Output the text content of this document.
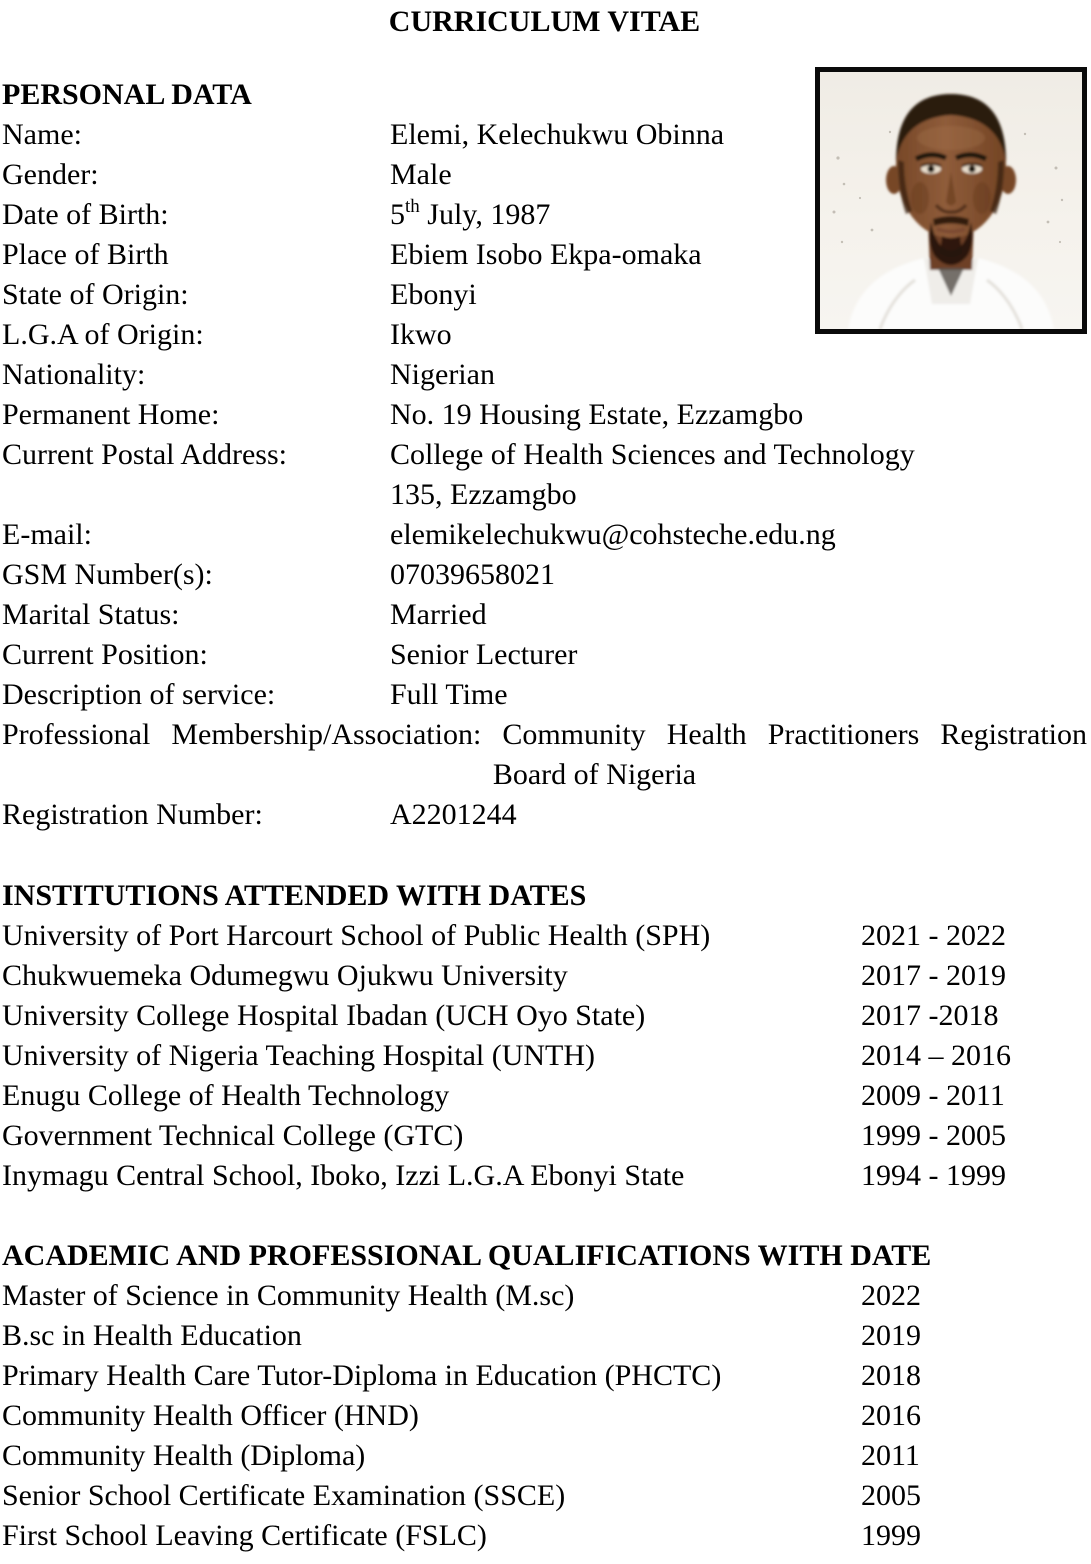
CURRICULUM VITAE
PERSONAL DATA
Name:	Elemi, Kelechukwu Obinna
Gender:	Male
Date of Birth:	5th July, 1987
Place of Birth	Ebiem Isobo Ekpa-omaka
State of Origin:	Ebonyi
L.G.A of Origin:	Ikwo
Nationality:	Nigerian
Permanent Home:	No. 19 Housing Estate, Ezzamgbo
Current Postal Address:	College of Health Sciences and Technology
135, Ezzamgbo
E-mail:	elemikelechukwu@cohsteche.edu.ng
GSM Number(s):	07039658021
Marital Status:	Married
Current Position:	Senior Lecturer
Description of service:	Full Time
Professional Membership/Association: Community Health Practitioners Registration
Board of Nigeria
Registration Number:	A2201244
INSTITUTIONS ATTENDED WITH DATES
University of Port Harcourt School of Public Health (SPH)	2021 - 2022
Chukwuemeka Odumegwu Ojukwu University	2017 - 2019
University College Hospital Ibadan (UCH Oyo State)	2017 -2018
University of Nigeria Teaching Hospital (UNTH)	2014 – 2016
Enugu College of Health Technology	2009 - 2011
Government Technical College (GTC)	1999 - 2005
Inymagu Central School, Iboko, Izzi L.G.A Ebonyi State	1994 - 1999
ACADEMIC AND PROFESSIONAL QUALIFICATIONS WITH DATE
Master of Science in Community Health (M.sc)	2022
B.sc in Health Education	2019
Primary Health Care Tutor-Diploma in Education (PHCTC)	2018
Community Health Officer (HND)	2016
Community Health (Diploma)	2011
Senior School Certificate Examination (SSCE)	2005
First School Leaving Certificate (FSLC)	1999
